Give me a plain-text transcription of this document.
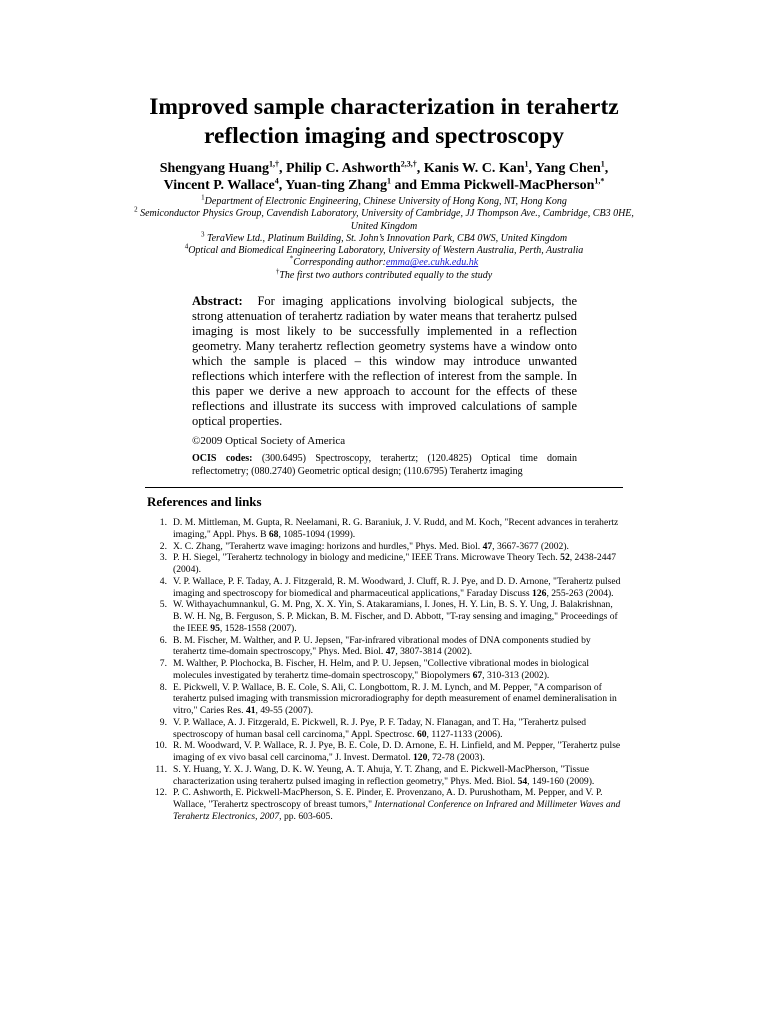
Improved sample characterization in terahertz
reflection imaging and spectroscopy
Shengyang Huang$^{1,\dagger}$, Philip C. Ashworth$^{2,3,\dagger}$, Kanis W. C. Kan$^1$, Yang Chen$^1$,
Vincent P. Wallace$^4$, Yuan-ting Zhang$^1$ and Emma Pickwell-MacPherson$^{1,*}$
$^1$Department of Electronic Engineering, Chinese University of Hong Kong, NT, Hong Kong
$^2$ Semiconductor Physics Group, Cavendish Laboratory, University of Cambridge, JJ Thompson Ave., Cambridge, CB3 0HE, United Kingdom
$^3$ TeraView Ltd., Platinum Building, St. John’s Innovation Park, CB4 0WS, United Kingdom
$^4$Optical and Biomedical Engineering Laboratory, University of Western Australia, Perth, Australia
*Corresponding author:emma@ee.cuhk.edu.hk
†The first two authors contributed equally to the study
Abstract: For imaging applications involving biological subjects, the strong attenuation of terahertz radiation by water means that terahertz pulsed imaging is most likely to be successfully implemented in a reflection geometry. Many terahertz reflection geometry systems have a window onto which the sample is placed – this window may introduce unwanted reflections which interfere with the reflection of interest from the sample. In this paper we derive a new approach to account for the effects of these reflections and illustrate its success with improved calculations of sample optical properties.
©2009 Optical Society of America
OCIS codes: (300.6495) Spectroscopy, terahertz; (120.4825) Optical time domain reflectometry; (080.2740) Geometric optical design; (110.6795) Terahertz imaging
References and links
1. D. M. Mittleman, M. Gupta, R. Neelamani, R. G. Baraniuk, J. V. Rudd, and M. Koch, "Recent advances in terahertz imaging," Appl. Phys. B 68, 1085-1094 (1999).
2. X. C. Zhang, "Terahertz wave imaging: horizons and hurdles," Phys. Med. Biol. 47, 3667-3677 (2002).
3. P. H. Siegel, "Terahertz technology in biology and medicine," IEEE Trans. Microwave Theory Tech. 52, 2438-2447 (2004).
4. V. P. Wallace, P. F. Taday, A. J. Fitzgerald, R. M. Woodward, J. Cluff, R. J. Pye, and D. D. Arnone, "Terahertz pulsed imaging and spectroscopy for biomedical and pharmaceutical applications," Faraday Discuss 126, 255-263 (2004).
5. W. Withayachumnankul, G. M. Png, X. X. Yin, S. Atakaramians, I. Jones, H. Y. Lin, B. S. Y. Ung, J. Balakrishnan, B. W. H. Ng, B. Ferguson, S. P. Mickan, B. M. Fischer, and D. Abbott, "T-ray sensing and imaging," Proceedings of the IEEE 95, 1528-1558 (2007).
6. B. M. Fischer, M. Walther, and P. U. Jepsen, "Far-infrared vibrational modes of DNA components studied by terahertz time-domain spectroscopy," Phys. Med. Biol. 47, 3807-3814 (2002).
7. M. Walther, P. Plochocka, B. Fischer, H. Helm, and P. U. Jepsen, "Collective vibrational modes in biological molecules investigated by terahertz time-domain spectroscopy," Biopolymers 67, 310-313 (2002).
8. E. Pickwell, V. P. Wallace, B. E. Cole, S. Ali, C. Longbottom, R. J. M. Lynch, and M. Pepper, "A comparison of terahertz pulsed imaging with transmission microradiography for depth measurement of enamel demineralisation in vitro," Caries Res. 41, 49-55 (2007).
9. V. P. Wallace, A. J. Fitzgerald, E. Pickwell, R. J. Pye, P. F. Taday, N. Flanagan, and T. Ha, "Terahertz pulsed spectroscopy of human basal cell carcinoma," Appl. Spectrosc. 60, 1127-1133 (2006).
10. R. M. Woodward, V. P. Wallace, R. J. Pye, B. E. Cole, D. D. Arnone, E. H. Linfield, and M. Pepper, "Terahertz pulse imaging of ex vivo basal cell carcinoma," J. Invest. Dermatol. 120, 72-78 (2003).
11. S. Y. Huang, Y. X. J. Wang, D. K. W. Yeung, A. T. Ahuja, Y. T. Zhang, and E. Pickwell-MacPherson, "Tissue characterization using terahertz pulsed imaging in reflection geometry," Phys. Med. Biol. 54, 149-160 (2009).
12. P. C. Ashworth, E. Pickwell-MacPherson, S. E. Pinder, E. Provenzano, A. D. Purushotham, M. Pepper, and V. P. Wallace, "Terahertz spectroscopy of breast tumors," International Conference on Infrared and Millimeter Waves and Terahertz Electronics, 2007, pp. 603-605.
